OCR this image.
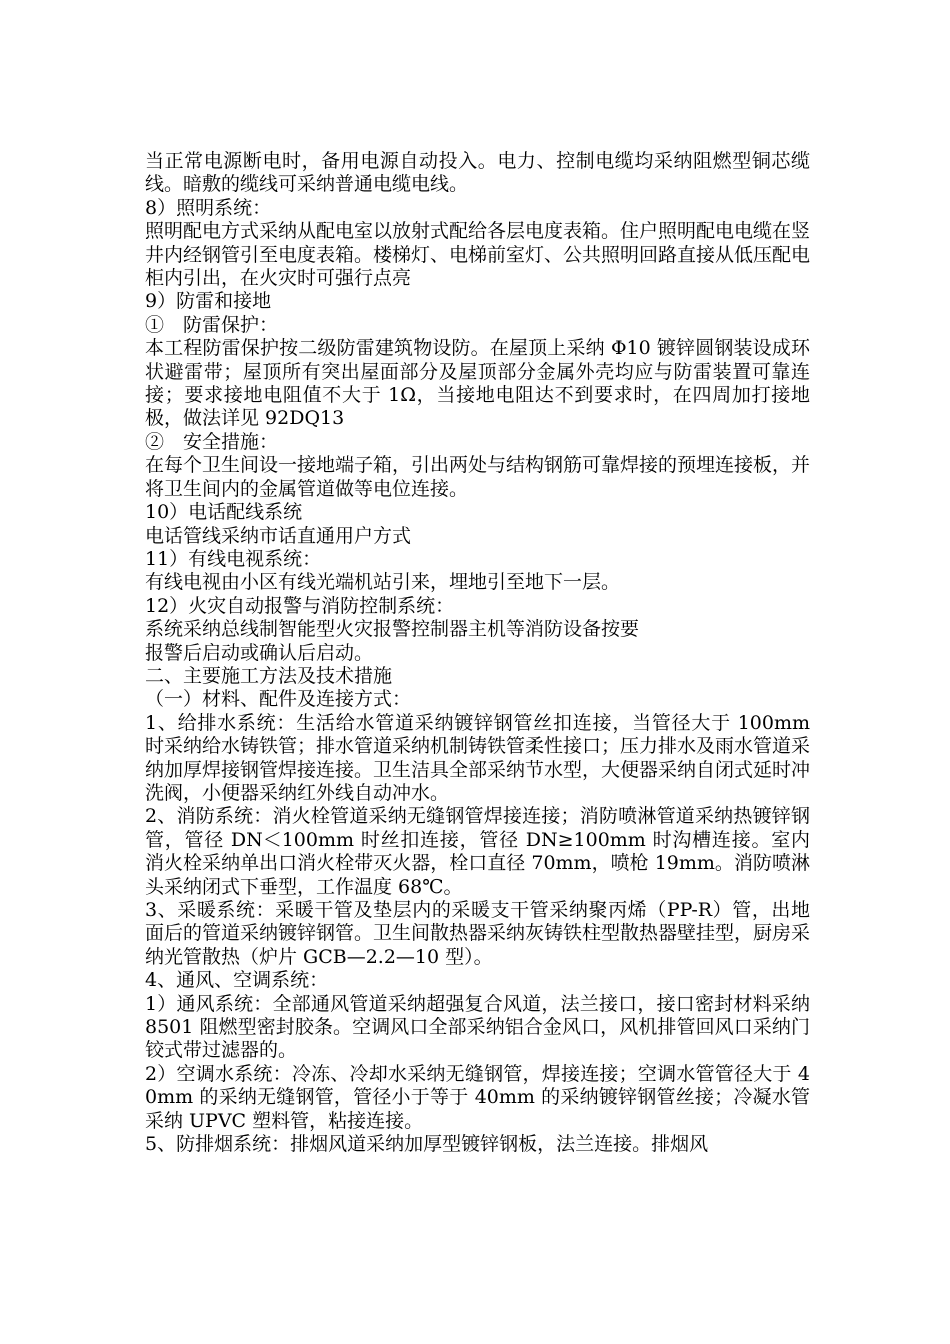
当正常电源断电时，备用电源自动投入。电力、控制电缆均采纳阻燃型铜芯缆线。暗敷的缆线可采纳普通电缆电线。

8）照明系统：

照明配电方式采纳从配电室以放射式配给各层电度表箱。住户照明配电电缆在竖井内经钢管引至电度表箱。楼梯灯、电梯前室灯、公共照明回路直接从低压配电柜内引出，在火灾时可强行点亮

9）防雷和接地

①　防雷保护：

本工程防雷保护按二级防雷建筑物设防。在屋顶上采纳 Φ10 镀锌圆钢装设成环状避雷带；屋顶所有突出屋面部分及屋顶部分金属外壳均应与防雷装置可靠连接；要求接地电阻值不大于 1Ω，当接地电阻达不到要求时，在四周加打接地极，做法详见 92DQ13

②　安全措施：

在每个卫生间设一接地端子箱，引出两处与结构钢筋可靠焊接的预埋连接板，并将卫生间内的金属管道做等电位连接。

10）电话配线系统

电话管线采纳市话直通用户方式

11）有线电视系统：

有线电视由小区有线光端机站引来，埋地引至地下一层。

12）火灾自动报警与消防控制系统：

系统采纳总线制智能型火灾报警控制器主机等消防设备按要

报警后启动或确认后启动。

二、主要施工方法及技术措施

（一）材料、配件及连接方式：

1、给排水系统：生活给水管道采纳镀锌钢管丝扣连接，当管径大于 100mm 时采纳给水铸铁管；排水管道采纳机制铸铁管柔性接口；压力排水及雨水管道采纳加厚焊接钢管焊接连接。卫生洁具全部采纳节水型，大便器采纳自闭式延时冲洗阀，小便器采纳红外线自动冲水。

2、消防系统：消火栓管道采纳无缝钢管焊接连接；消防喷淋管道采纳热镀锌钢管，管径 DN＜100mm 时丝扣连接，管径 DN≥100mm 时沟槽连接。室内消火栓采纳单出口消火栓带灭火器，栓口直径 70mm，喷枪 19mm。消防喷淋头采纳闭式下垂型，工作温度 68℃。

3、采暖系统：采暖干管及垫层内的采暖支干管采纳聚丙烯（PP-R）管，出地面后的管道采纳镀锌钢管。卫生间散热器采纳灰铸铁柱型散热器壁挂型，厨房采纳光管散热（炉片 GCB—2.2—10 型）。

4、通风、空调系统：

1）通风系统：全部通风管道采纳超强复合风道，法兰接口，接口密封材料采纳 8501 阻燃型密封胶条。空调风口全部采纳铝合金风口，风机排管回风口采纳门铰式带过滤器的。

2）空调水系统：冷冻、冷却水采纳无缝钢管，焊接连接；空调水管管径大于 40mm 的采纳无缝钢管，管径小于等于 40mm 的采纳镀锌钢管丝接；冷凝水管采纳 UPVC 塑料管，粘接连接。

5、防排烟系统：排烟风道采纳加厚型镀锌钢板，法兰连接。排烟风
